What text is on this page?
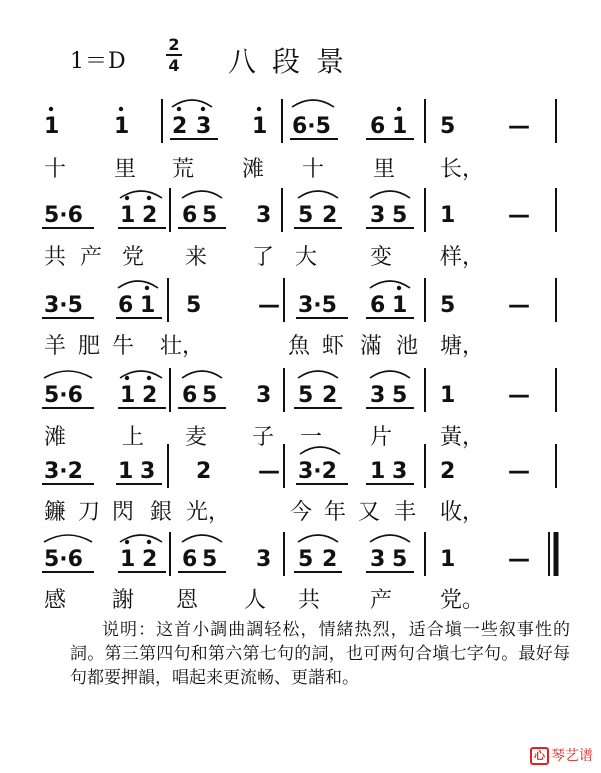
1＝D
2
4 八段景
1 1 2 3 1 6·5 6 1 5 —
5·6 1 2 6 5 3 5 2 3 5 1 —
3·5 6 1 5	— 3·5 6 1 5 —
5·6 1 2 6 5 3 5 2 3 5 1 —
3·2 1 3 2 — 3·2 1 3 2 —
5·6 1 2 6 5 3 5 2 3 5 1 —
十 里 荒 滩 十 里 长，
共 产 党 来 了 大 变 样，
羊 肥 牛 壮，	魚 虾 滿 池 塘，
滩	上 麦 子 一 片 黃，
鐮 刀 閃 銀 光，	今 年 又 丰 收，
感 謝 恩 人 共 产 党。
说明：这首小調曲調轻松，情緒热烈，适合塡一些叙事性的詞。第三第四句和第六第七句的詞，也可两句合塡七字句。最好每句都要押韻，唱起来更流畅、更諧和。
心 琴艺谱
